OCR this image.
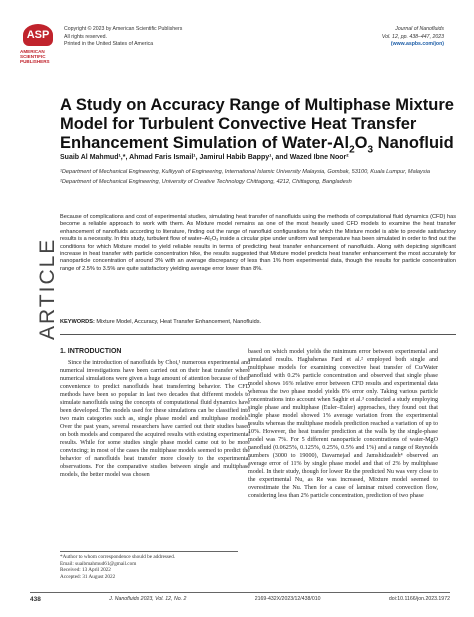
ASP
AMERICAN
SCIENTIFIC
PUBLISHERS
Copyright © 2023 by American Scientific Publishers
All rights reserved.
Printed in the United States of America
Journal of Nanofluids
Vol. 12, pp. 438–447, 2023
(www.aspbs.com/jon)
ARTICLE
A Study on Accuracy Range of Multiphase Mixture Model for Turbulent Convective Heat Transfer Enhancement Simulation of Water-$Al_2O_3$ Nanofluid
Suaib Al Mahmud¹,*, Ahmad Faris Ismail¹, Jamirul Habib Bappy¹, and Wazed Ibne Noor²

¹Department of Mechanical Engineering, Kulliyyah of Engineering, International Islamic University Malaysia, Gombak, 53100, Kuala Lumpur, Malaysia

²Department of Mechanical Engineering, University of Creative Technology Chittagong, 4212, Chittagong, Bangladesh

Because of complications and cost of experimental studies, simulating heat transfer of nanofluids using the methods of computational fluid dynamics (CFD) has become a reliable approach to work with them. As Mixture model remains as one of the most heavily used CFD models to examine the heat transfer enhancement of nanofluids according to literature, finding out the range of nanofluid configurations for which the Mixture model is able to provide satisfactory results is a necessity. In this study, turbulent flow of water–Al₂O₃ inside a circular pipe under uniform wall temperature has been simulated in order to find out the conditions for which Mixture model to yield reliable results in terms of predicting heat transfer enhancement of nanofluids. Along with depicting significant increase in heat transfer with particle concentration hike, the results suggested that Mixture model predicts heat transfer enhancement the most accurately for nanoparticle concentration of around 3% with an average discrepancy of less than 1% from experimental data, though the results for particle concentration range of 2.5% to 3.5% are quite satisfactory yielding average error lower than 8%.
KEYWORDS: Mixture Model, Accuracy, Heat Transfer Enhancement, Nanofluids.
1. INTRODUCTION

Since the introduction of nanofluids by Choi,¹ numerous experimental and numerical investigations have been carried out on their heat transfer where numerical simulations were given a huge amount of attention because of their convenience to predict nanofluids heat transferring behavior. The CFD methods have been so popular in last two decades that different models to simulate nanofluids using the concepts of computational fluid dynamics have been developed. The models used for these simulations can be classified into two main categories such as, single phase model and multiphase models. Over the past years, several researchers have carried out their studies based on both models and compared the acquired results with existing experimental results. While for some studies single phase model came out to be more convincing; in most of the cases the multiphase models seemed to predict the behavior of nanofluids heat transfer more closely to the experimental observations. For the comparative studies between single and multiphase models, the better model was chosen

based on which model yields the minimum error between experimental and simulated results. Haghshenas Fard et al.² employed both single and multiphase models for examining convective heat transfer of Cu/Water nanofluid with 0.2% particle concentration and observed that single phase model shows 16% relative error between CFD results and experimental data whereas the two phase model yields 8% error only. Taking various particle concentrations into account when Saghir et al.³ conducted a study employing single phase and multiphase (Euler–Euler) approaches, they found out that single phase model showed 1% average variation from the experimental results whereas the multiphase models prediction reached a variation of up to 10%. However, the heat transfer prediction at the walls by the single-phase model was 7%. For 5 different nanoparticle concentrations of water-MgO nanofluid (0.0625%, 0.125%, 0.25%, 0.5% and 1%) and a range of Reynolds numbers (3000 to 19000), Davarnejad and Jamshidzadeh⁴ observed an average error of 11% by single phase model and that of 2% by multiphase model. In their study, though for lower Re the predicted Nu was very close to the experimental Nu, as Re was increased, Mixture model seemed to overestimate the Nu. Then for a case of laminar mixed convection flow, considering less than 2% particle concentration, prediction of two phase

*Author to whom correspondence should be addressed.
Email: suaibmahmud61@gmail.com
Received: 13 April 2022
Accepted: 31 August 2022
438	J. Nanofluids 2023, Vol. 12, No. 2	2169-432X/2023/12/438/010	doi:10.1166/jon.2023.1972
